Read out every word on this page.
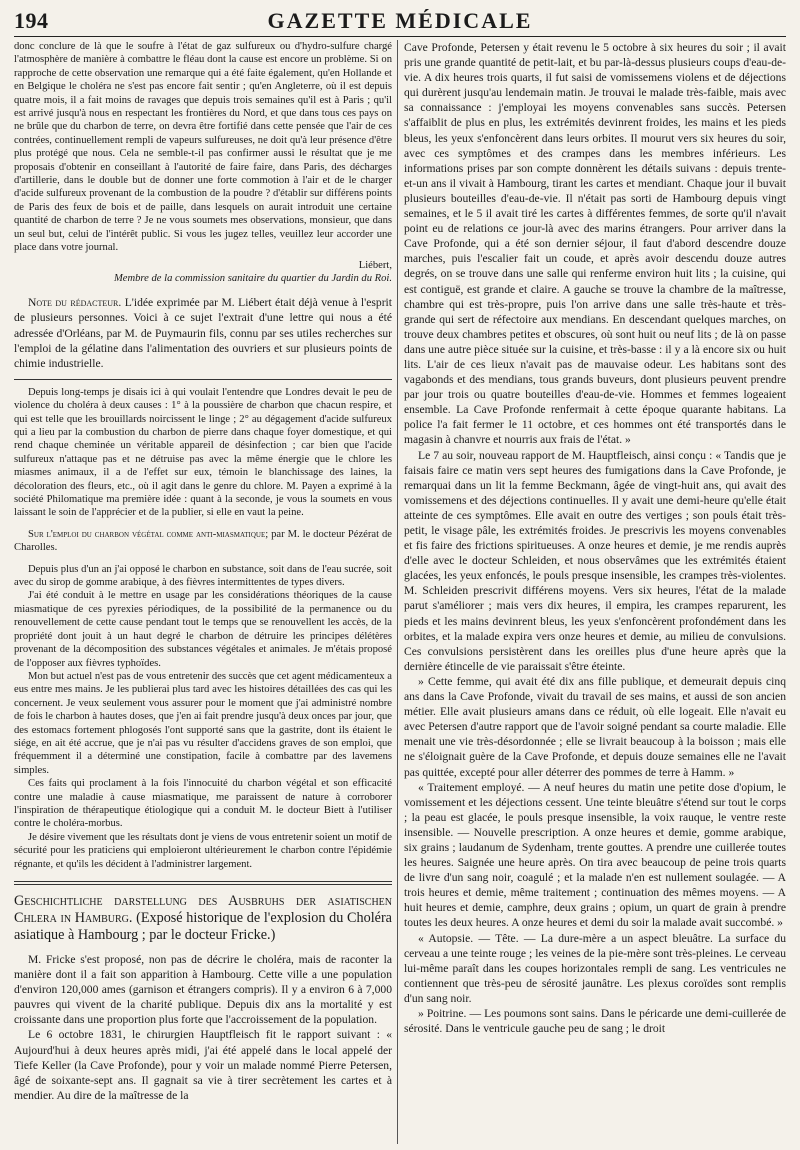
194	GAZETTE MÉDICALE

donc conclure de là que le soufre à l'état de gaz sulfureux ou d'hydro-sulfure chargé l'atmosphère de manière à combattre le fléau dont la cause est encore un problème. Si on rapproche de cette observation une remarque qui a été faite également, qu'en Hollande et en Belgique le choléra ne s'est pas encore fait sentir ; qu'en Angleterre, où il est depuis quatre mois, il a fait moins de ravages que depuis trois semaines qu'il est à Paris ; qu'il est arrivé jusqu'à nous en respectant les frontières du Nord, et que dans tous ces pays on ne brûle que du charbon de terre, on devra être fortifié dans cette pensée que l'air de ces contrées, continuellement rempli de vapeurs sulfureuses, ne doit qu'à leur présence d'être plus protégé que nous. Cela ne semble-t-il pas confirmer aussi le résultat que je me proposais d'obtenir en conseillant à l'autorité de faire faire, dans Paris, des décharges d'artillerie, dans le double but de donner une forte commotion à l'air et de le charger d'acide sulfureux provenant de la combustion de la poudre ? d'établir sur différens points de Paris des feux de bois et de paille, dans lesquels on aurait introduit une certaine quantité de charbon de terre ? Je ne vous soumets mes observations, monsieur, que dans un seul but, celui de l'intérêt public. Si vous les jugez telles, veuillez leur accorder une place dans votre journal.

Liébert,

Membre de la commission sanitaire du quartier du Jardin du Roi.

Note du rédacteur. L'idée exprimée par M. Liébert était déjà venue à l'esprit de plusieurs personnes. Voici à ce sujet l'extrait d'une lettre qui nous a été adressée d'Orléans, par M. de Puymaurin fils, connu par ses utiles recherches sur l'emploi de la gélatine dans l'alimentation des ouvriers et sur plusieurs points de chimie industrielle.

Depuis long-temps je disais ici à qui voulait l'entendre que Londres devait le peu de violence du choléra à deux causes : 1° à la poussière de charbon que chacun respire, et qui est telle que les brouillards noircissent le linge ; 2° au dégagement d'acide sulfureux qui a lieu par la combustion du charbon de pierre dans chaque foyer domestique, et qui rend chaque cheminée un véritable appareil de désinfection ; car bien que l'acide sulfureux n'attaque pas et ne détruise pas avec la même énergie que le chlore les miasmes animaux, il a de l'effet sur eux, témoin le blanchissage des laines, la décoloration des fleurs, etc., où il agit dans le genre du chlore. M. Payen a exprimé à la société Philomatique ma première idée : quant à la seconde, je vous la soumets en vous laissant le soin de l'apprécier et de la publier, si elle en vaut la peine.

Sur l'emploi du charbon végétal comme anti-miasmatique; par M. le docteur Pézérat de Charolles.

Depuis plus d'un an j'ai opposé le charbon en substance, soit dans de l'eau sucrée, soit avec du sirop de gomme arabique, à des fièvres intermittentes de types divers.

J'ai été conduit à le mettre en usage par les considérations théoriques de la cause miasmatique de ces pyrexies périodiques, de la possibilité de la permanence ou du renouvellement de cette cause pendant tout le temps que se renouvellent les accès, de la propriété dont jouit à un haut degré le charbon de détruire les principes délétères provenant de la décomposition des substances végétales et animales. Je m'étais proposé de l'opposer aux fièvres typhoïdes.

Mon but actuel n'est pas de vous entretenir des succès que cet agent médicamenteux a eus entre mes mains. Je les publierai plus tard avec les histoires détaillées des cas qui les concernent. Je veux seulement vous assurer pour le moment que j'ai administré nombre de fois le charbon à hautes doses, que j'en ai fait prendre jusqu'à deux onces par jour, que des estomacs fortement phlogosés l'ont supporté sans que la gastrite, dont ils étaient le siége, en ait été accrue, que je n'ai pas vu résulter d'accidens graves de son emploi, que fréquemment il a déterminé une constipation, facile à combattre par des lavemens simples.

Ces faits qui proclament à la fois l'innocuité du charbon végétal et son efficacité contre une maladie à cause miasmatique, me paraissent de nature à corroborer l'inspiration de thérapeutique étiologique qui a conduit M. le docteur Biett à l'utiliser contre le choléra-morbus.

Je désire vivement que les résultats dont je viens de vous entretenir soient un motif de sécurité pour les praticiens qui emploieront ultérieurement le charbon contre l'épidémie régnante, et qu'ils les décident à l'administrer largement.

Geschichtliche darstellung des Ausbruhs der asiatischen Chlera in Hamburg. (Exposé historique de l'explosion du Choléra asiatique à Hambourg ; par le docteur Fricke.)

M. Fricke s'est proposé, non pas de décrire le choléra, mais de raconter la manière dont il a fait son apparition à Hambourg. Cette ville a une population d'environ 120,000 ames (garnison et étrangers compris). Il y a environ 6 à 7,000 pauvres qui vivent de la charité publique. Depuis dix ans la mortalité y est croissante dans une proportion plus forte que l'accroissement de la population.

Le 6 octobre 1831, le chirurgien Hauptfleisch fit le rapport suivant : « Aujourd'hui à deux heures après midi, j'ai été appelé dans le local appelé der Tiefe Keller (la Cave Profonde), pour y voir un malade nommé Pierre Petersen, âgé de soixante-sept ans. Il gagnait sa vie à tirer secrètement les cartes et à mendier. Au dire de la maîtresse de la

Cave Profonde, Petersen y était revenu le 5 octobre à six heures du soir ; il avait pris une grande quantité de petit-lait, et bu par-là-dessus plusieurs coups d'eau-de-vie. A dix heures trois quarts, il fut saisi de vomissemens violens et de déjections qui durèrent jusqu'au lendemain matin. Je trouvai le malade très-faible, mais avec sa connaissance : j'employai les moyens convenables sans succès. Petersen s'affaiblit de plus en plus, les extrémités devinrent froides, les mains et les pieds bleus, les yeux s'enfoncèrent dans leurs orbites. Il mourut vers six heures du soir, avec ces symptômes et des crampes dans les membres inférieurs. Les informations prises par son compte donnèrent les détails suivans : depuis trente-et-un ans il vivait à Hambourg, tirant les cartes et mendiant. Chaque jour il buvait plusieurs bouteilles d'eau-de-vie. Il n'était pas sorti de Hambourg depuis vingt semaines, et le 5 il avait tiré les cartes à différentes femmes, de sorte qu'il n'avait point eu de relations ce jour-là avec des marins étrangers. Pour arriver dans la Cave Profonde, qui a été son dernier séjour, il faut d'abord descendre douze marches, puis l'escalier fait un coude, et après avoir descendu douze autres degrés, on se trouve dans une salle qui renferme environ huit lits ; la cuisine, qui est contiguë, est grande et claire. A gauche se trouve la chambre de la maîtresse, chambre qui est très-propre, puis l'on arrive dans une salle très-haute et très-grande qui sert de réfectoire aux mendians. En descendant quelques marches, on trouve deux chambres petites et obscures, où sont huit ou neuf lits ; de là on passe dans une autre pièce située sur la cuisine, et très-basse : il y a là encore six ou huit lits. L'air de ces lieux n'avait pas de mauvaise odeur. Les habitans sont des vagabonds et des mendians, tous grands buveurs, dont plusieurs peuvent prendre par jour trois ou quatre bouteilles d'eau-de-vie. Hommes et femmes logeaient ensemble. La Cave Profonde renfermait à cette époque quarante habitans. La police l'a fait fermer le 11 octobre, et ces hommes ont été transportés dans le magasin à chanvre et nourris aux frais de l'état. »

Le 7 au soir, nouveau rapport de M. Hauptfleisch, ainsi conçu : « Tandis que je faisais faire ce matin vers sept heures des fumigations dans la Cave Profonde, je remarquai dans un lit la femme Beckmann, âgée de vingt-huit ans, qui avait des vomissemens et des déjections continuelles. Il y avait une demi-heure qu'elle était atteinte de ces symptômes. Elle avait en outre des vertiges ; son pouls était très-petit, le visage pâle, les extrémités froides. Je prescrivis les moyens convenables et fis faire des frictions spiritueuses. A onze heures et demie, je me rendis auprès d'elle avec le docteur Schleiden, et nous observâmes que les extrémités étaient glacées, les yeux enfoncés, le pouls presque insensible, les crampes très-violentes. M. Schleiden prescrivit différens moyens. Vers six heures, l'état de la malade parut s'améliorer ; mais vers dix heures, il empira, les crampes reparurent, les pieds et les mains devinrent bleus, les yeux s'enfoncèrent profondément dans les orbites, et la malade expira vers onze heures et demie, au milieu de convulsions. Ces convulsions persistèrent dans les oreilles plus d'une heure après que la dernière étincelle de vie paraissait s'être éteinte.

» Cette femme, qui avait été dix ans fille publique, et demeurait depuis cinq ans dans la Cave Profonde, vivait du travail de ses mains, et aussi de son ancien métier. Elle avait plusieurs amans dans ce réduit, où elle logeait. Elle n'avait eu avec Petersen d'autre rapport que de l'avoir soigné pendant sa courte maladie. Elle menait une vie très-désordonnée ; elle se livrait beaucoup à la boisson ; mais elle ne s'éloignait guère de la Cave Profonde, et depuis douze semaines elle ne l'avait pas quittée, excepté pour aller déterrer des pommes de terre à Hamm. »

« Traitement employé. — A neuf heures du matin une petite dose d'opium, le vomissement et les déjections cessent. Une teinte bleuâtre s'étend sur tout le corps ; la peau est glacée, le pouls presque insensible, la voix rauque, le ventre reste insensible. — Nouvelle prescription. A onze heures et demie, gomme arabique, six grains ; laudanum de Sydenham, trente gouttes. A prendre une cuillerée toutes les heures. Saignée une heure après. On tira avec beaucoup de peine trois quarts de livre d'un sang noir, coagulé ; et la malade n'en est nullement soulagée. — A trois heures et demie, même traitement ; continuation des mêmes moyens. — A huit heures et demie, camphre, deux grains ; opium, un quart de grain à prendre toutes les deux heures. A onze heures et demi du soir la malade avait succombé. »

« Autopsie. — Tête. — La dure-mère a un aspect bleuâtre. La surface du cerveau a une teinte rouge ; les veines de la pie-mère sont très-pleines. Le cerveau lui-même paraît dans les coupes horizontales rempli de sang. Les ventricules ne contiennent que très-peu de sérosité jaunâtre. Les plexus coroïdes sont remplis d'un sang noir.

» Poitrine. — Les poumons sont sains. Dans le péricarde une demi-cuillerée de sérosité. Dans le ventricule gauche peu de sang ; le droit
